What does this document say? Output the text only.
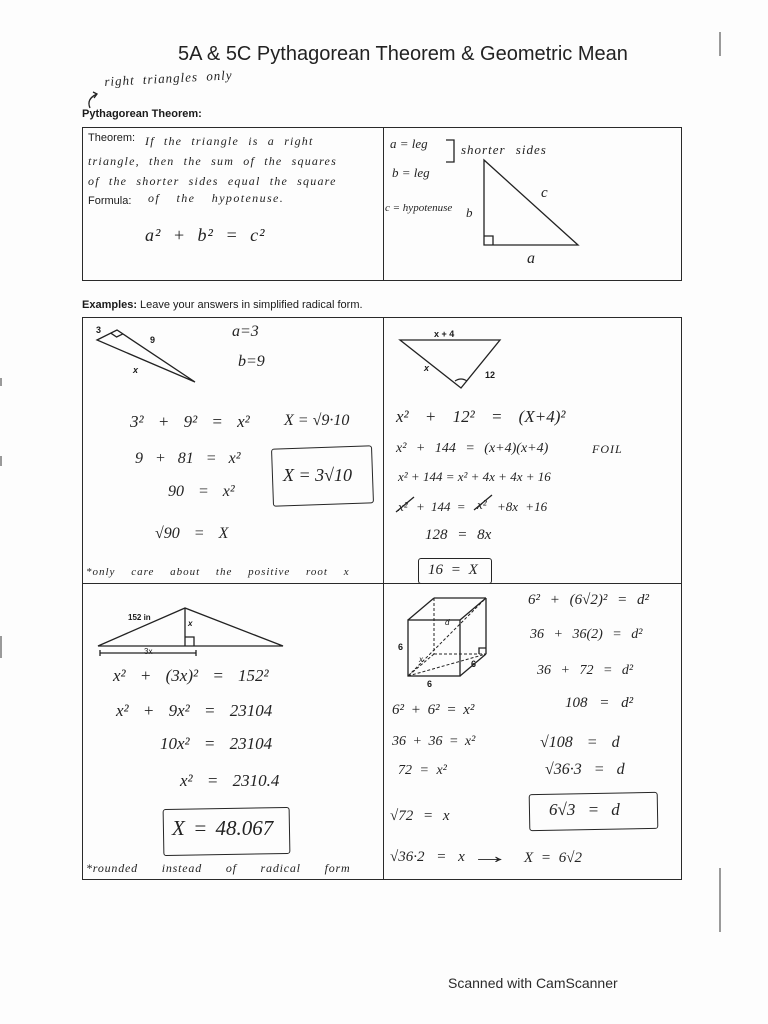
5A & 5C Pythagorean Theorem & Geometric Mean
right triangles only
Pythagorean Theorem:
Theorem: If the triangle is a right
triangle, then the sum of the squares
of the shorter sides equal the square
Formula: of the hypotenuse.
a² + b² = c²
a = leg
b = leg
shorter sides
c = hypotenuse b
c
a
Examples: Leave your answers in simplified radical form.
3
9
x
a=3
b=9
3² + 9² = x² X = √9·10
9 + 81 = x²
90 = x²
√90 = X
X = 3√10
*only care about the positive root x
x + 4
x
12
x² + 12² = (X+4)²
x² + 144 = (x+4)(x+4)	FOIL
x² + 144 = x² + 4x + 4x + 16
x² + 144 = x² +8x +16
128 = 8x
16 = X
152 in
x
3x
x² + (3x)² = 152²
x² + 9x² = 23104
10x² = 23104
x² = 2310.4
X = 48.067
*rounded instead of radical form
6
6
6
d
x
6² + (6√2)² = d²
36 + 36(2) = d²
36 + 72 = d²
108 = d²
√108 = d
√36·3 = d
6√3 = d
6² + 6² = x²
36 + 36 = x²
72 = x²
√72 = x
√36·2 = x → X = 6√2
Scanned with CamScanner
